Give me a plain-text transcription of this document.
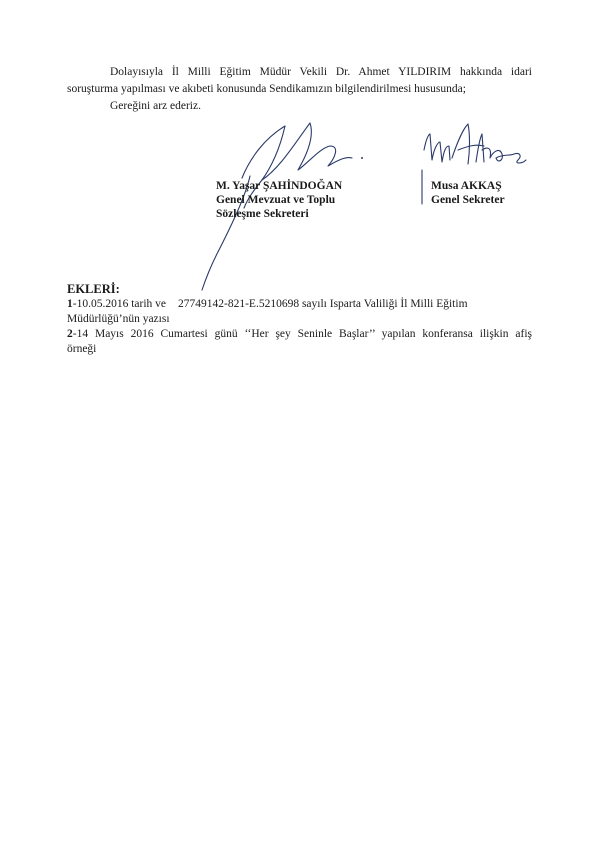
Dolayısıyla İl Milli Eğitim Müdür Vekili Dr. Ahmet YILDIRIM hakkında idari
soruşturma yapılması ve akıbeti konusunda Sendikamızın bilgilendirilmesi hususunda;
Gereğini arz ederiz.
M. Yaşar ŞAHİNDOĞAN
Genel Mevzuat ve Toplu
Sözleşme Sekreteri
Musa AKKAŞ
Genel Sekreter
EKLERİ:
1-10.05.2016 tarih ve 27749142-821-E.5210698 sayılı Isparta Valiliği İl Milli Eğitim
Müdürlüğü’nün yazısı
2-14 Mayıs 2016 Cumartesi günü ‘‘Her şey Seninle Başlar’’ yapılan konferansa ilişkin afiş
örneği
